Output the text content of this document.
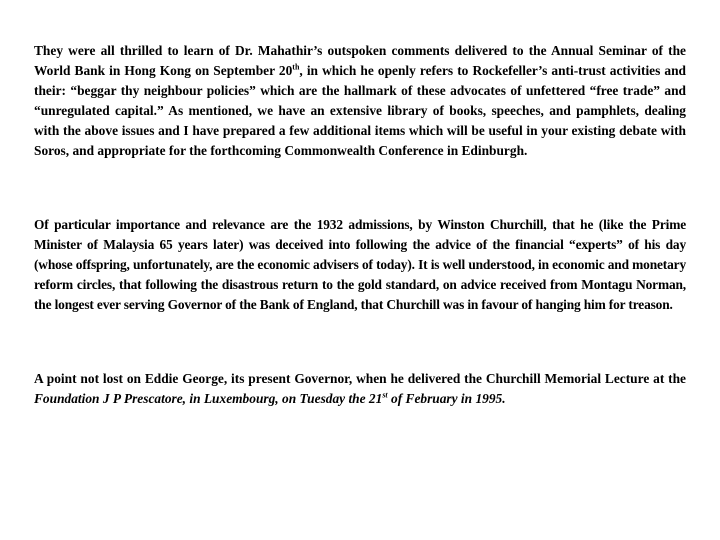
They were all thrilled to learn of Dr. Mahathir’s outspoken comments delivered to the Annual Seminar of the World Bank in Hong Kong on September 20th, in which he openly refers to Rockefeller’s anti-trust activities and their: “beggar thy neighbour policies” which are the hallmark of these advocates of unfettered “free trade” and “unregulated capital.” As mentioned, we have an extensive library of books, speeches, and pamphlets, dealing with the above issues and I have prepared a few additional items which will be useful in your existing debate with Soros, and appropriate for the forthcoming Commonwealth Conference in Edinburgh.

Of particular importance and relevance are the 1932 admissions, by Winston Churchill, that he (like the Prime Minister of Malaysia 65 years later) was deceived into following the advice of the financial “experts” of his day (whose offspring, unfortunately, are the economic advisers of today). It is well understood, in economic and monetary reform circles, that following the disastrous return to the gold standard, on advice received from Montagu Norman, the longest ever serving Governor of the Bank of England, that Churchill was in favour of hanging him for treason.

A point not lost on Eddie George, its present Governor, when he delivered the Churchill Memorial Lecture at the Foundation J P Prescatore, in Luxembourg, on Tuesday the 21st of February in 1995.
